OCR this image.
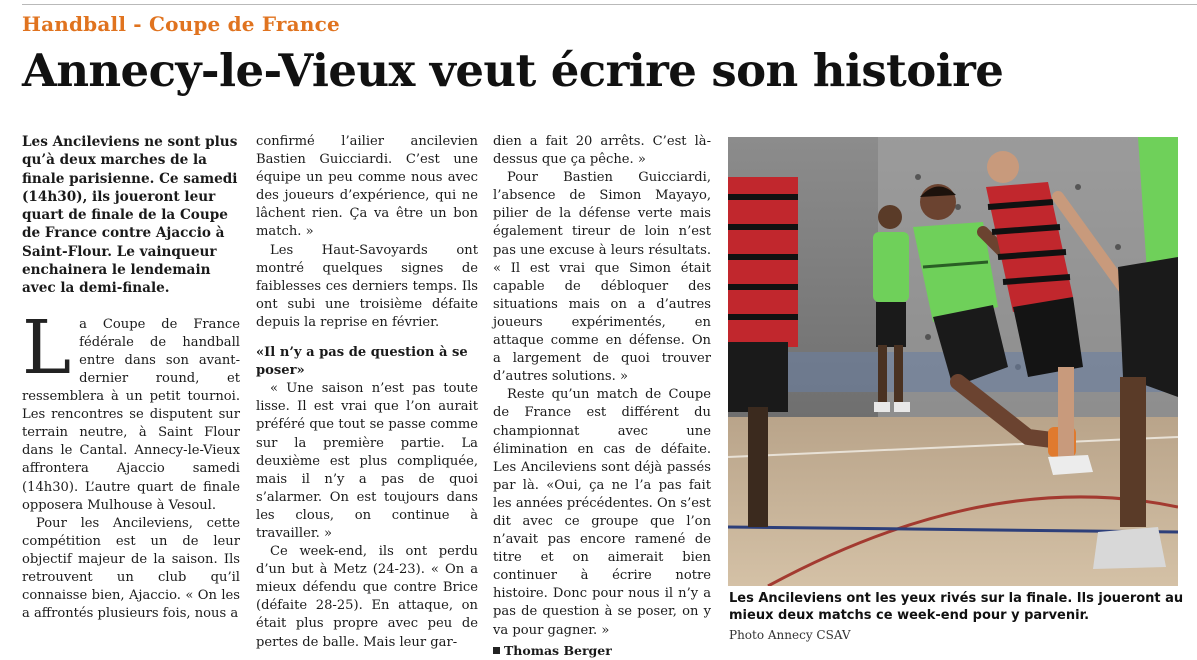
Handball - Coupe de France
Annecy-le-Vieux veut écrire son histoire

Les Ancileviens ne sont plus qu’à deux marches de la finale parisienne. Ce samedi (14h30), ils joueront leur quart de finale de la Coupe de France contre Ajaccio à Saint-Flour. Le vainqueur enchainera le lendemain avec la demi-finale.

La Coupe de France fédérale de handball entre dans son avant-dernier round, et ressemblera à un petit tournoi. Les rencontres se disputent sur terrain neutre, à Saint Flour dans le Cantal. Annecy-le-Vieux affrontera Ajaccio samedi (14h30). L’autre quart de finale opposera Mulhouse à Vesoul.

Pour les Ancileviens, cette compétition est un de leur objectif majeur de la saison. Ils retrouvent un club qu’il connaisse bien, Ajaccio. « On les a affrontés plusieurs fois, nous a

confirmé l’ailier ancilevien Bastien Guicciardi. C’est une équipe un peu comme nous avec des joueurs d’expérience, qui ne lâchent rien. Ça va être un bon match. »

Les Haut-Savoyards ont montré quelques signes de faiblesses ces derniers temps. Ils ont subi une troisième défaite depuis la reprise en février.

«Il n’y a pas de question à se poser»

« Une saison n’est pas toute lisse. Il est vrai que l’on aurait préféré que tout se passe comme sur la première partie. La deuxième est plus compliquée, mais il n’y a pas de quoi s’alarmer. On est toujours dans les clous, on continue à travailler. »

Ce week-end, ils ont perdu d’un but à Metz (24-23). « On a mieux défendu que contre Brice (défaite 28-25). En attaque, on était plus propre avec peu de pertes de balle. Mais leur gar-

dien a fait 20 arrêts. C’est là-dessus que ça pêche. »

Pour Bastien Guicciardi, l’absence de Simon Mayayo, pilier de la défense verte mais également tireur de loin n’est pas une excuse à leurs résultats. « Il est vrai que Simon était capable de débloquer des situations mais on a d’autres joueurs expérimentés, en attaque comme en défense. On a largement de quoi trouver d’autres solutions. »

Reste qu’un match de Coupe de France est différent du championnat avec une élimination en cas de défaite. Les Ancileviens sont déjà passés par là. «Oui, ça ne l’a pas fait les années précédentes. On s’est dit avec ce groupe que l’on n’avait pas encore ramené de titre et on aimerait bien continuer à écrire notre histoire. Donc pour nous il n’y a pas de question à se poser, on y va pour gagner. »

Thomas Berger

Les Ancileviens ont les yeux rivés sur la finale. Ils joueront au mieux deux matchs ce week-end pour y parvenir.
Photo Annecy CSAV
